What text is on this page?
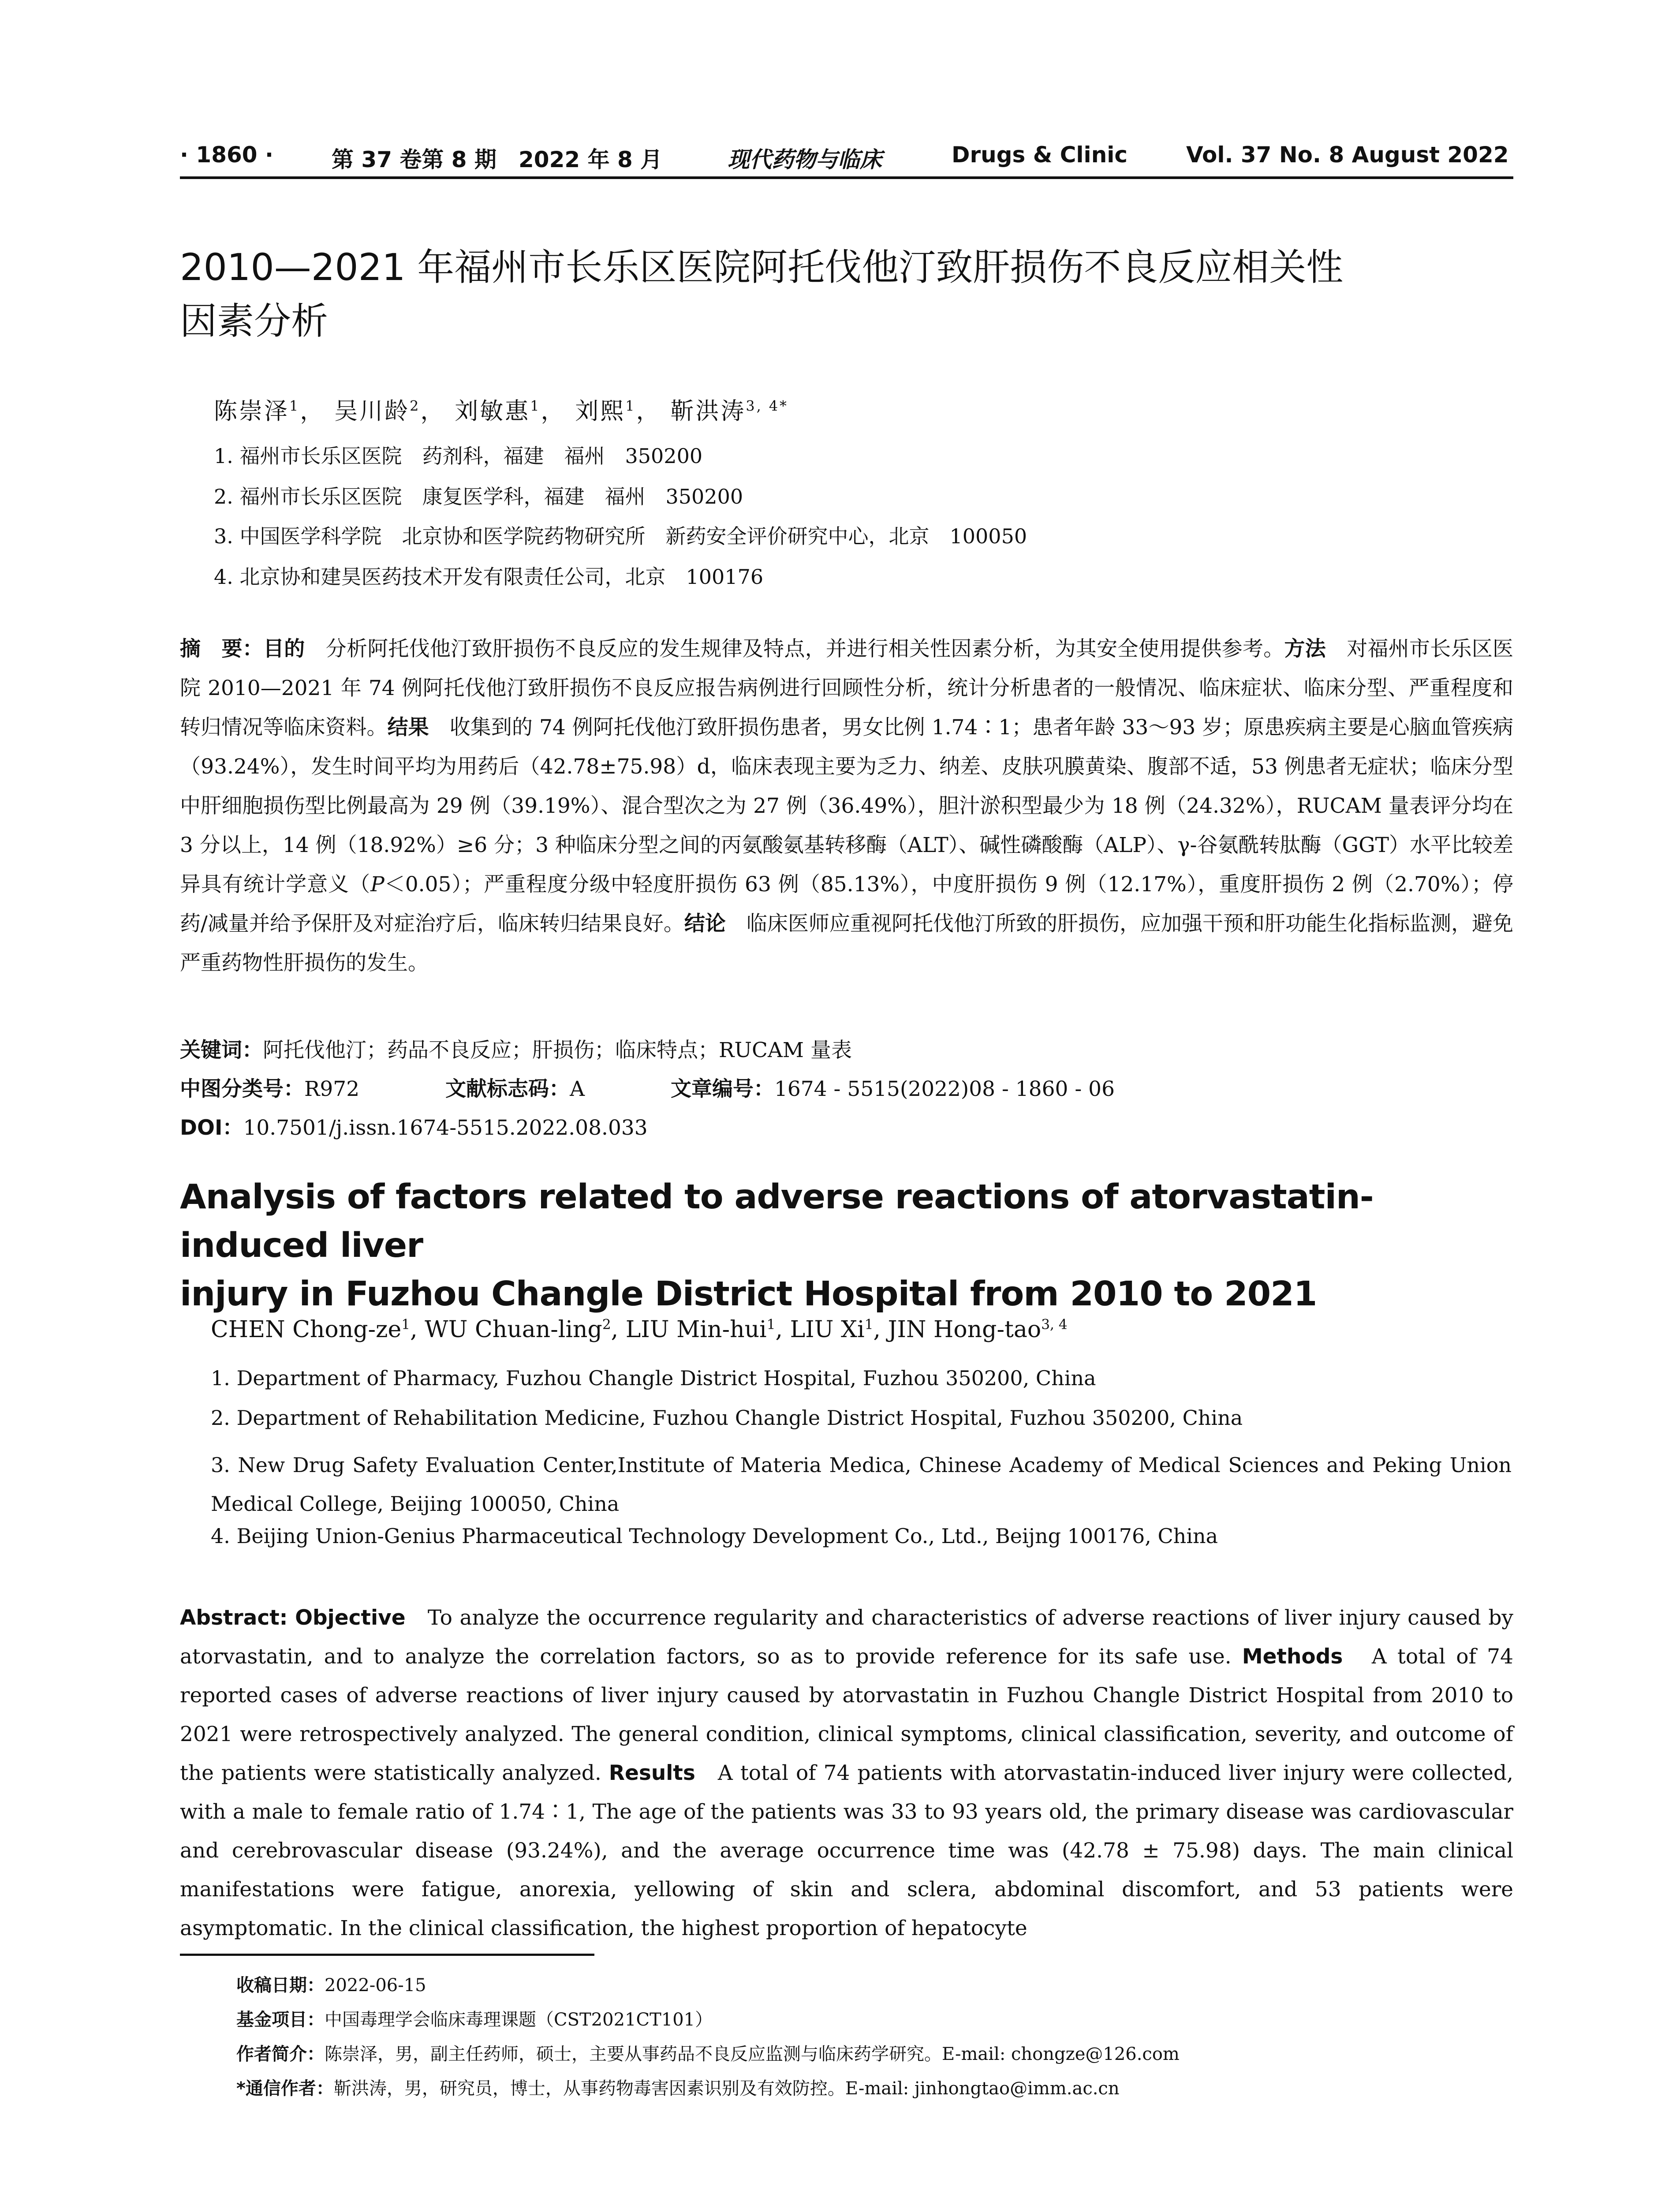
· 1860 ·	第 37 卷第 8 期　2022 年 8 月	现代药物与临床	Drugs & Clinic	Vol. 37 No. 8 August 2022
2010—2021 年福州市长乐区医院阿托伐他汀致肝损伤不良反应相关性
因素分析
陈崇泽$^1$， 吴川龄$^2$， 刘敏惠$^1$， 刘熙$^1$， 靳洪涛$^{3, 4*}$
1. 福州市长乐区医院　药剂科，福建　福州　350200
2. 福州市长乐区医院　康复医学科，福建　福州　350200
3. 中国医学科学院　北京协和医学院药物研究所　新药安全评价研究中心，北京　100050
4. 北京协和建昊医药技术开发有限责任公司，北京　100176
摘　要：目的　分析阿托伐他汀致肝损伤不良反应的发生规律及特点，并进行相关性因素分析，为其安全使用提供参考。方法　对福州市长乐区医院 2010—2021 年 74 例阿托伐他汀致肝损伤不良反应报告病例进行回顾性分析，统计分析患者的一般情况、临床症状、临床分型、严重程度和转归情况等临床资料。结果　收集到的 74 例阿托伐他汀致肝损伤患者，男女比例 1.74∶1；患者年龄 33～93 岁；原患疾病主要是心脑血管疾病（93.24%），发生时间平均为用药后（42.78±75.98）d，临床表现主要为乏力、纳差、皮肤巩膜黄染、腹部不适，53 例患者无症状；临床分型中肝细胞损伤型比例最高为 29 例（39.19%）、混合型次之为 27 例（36.49%），胆汁淤积型最少为 18 例（24.32%），RUCAM 量表评分均在 3 分以上，14 例（18.92%）≥6 分；3 种临床分型之间的丙氨酸氨基转移酶（ALT）、碱性磷酸酶（ALP）、γ-谷氨酰转肽酶（GGT）水平比较差异具有统计学意义（P＜0.05）；严重程度分级中轻度肝损伤 63 例（85.13%），中度肝损伤 9 例（12.17%），重度肝损伤 2 例（2.70%）；停药/减量并给予保肝及对症治疗后，临床转归结果良好。结论　临床医师应重视阿托伐他汀所致的肝损伤，应加强干预和肝功能生化指标监测，避免严重药物性肝损伤的发生。
关键词：阿托伐他汀；药品不良反应；肝损伤；临床特点；RUCAM 量表
中图分类号：R972	文献标志码：A	文章编号：1674 - 5515(2022)08 - 1860 - 06
DOI：10.7501/j.issn.1674-5515.2022.08.033
Analysis of factors related to adverse reactions of atorvastatin-induced liver
injury in Fuzhou Changle District Hospital from 2010 to 2021
CHEN Chong-$ze^1$, WU Chuan-ling$^2$, LIU Min-hui$^1$, LIU Xi$^1$, JIN Hong-tao$^{3, 4}$
1. Department of Pharmacy, Fuzhou Changle District Hospital, Fuzhou 350200, China
2. Department of Rehabilitation Medicine, Fuzhou Changle District Hospital, Fuzhou 350200, China
3. New Drug Safety Evaluation Center,Institute of Materia Medica, Chinese Academy of Medical Sciences and Peking Union Medical College, Beijing 100050, China
4. Beijing Union-Genius Pharmaceutical Technology Development Co., Ltd., Beijng 100176, China
Abstract: Objective　To analyze the occurrence regularity and characteristics of adverse reactions of liver injury caused by atorvastatin, and to analyze the correlation factors, so as to provide reference for its safe use. Methods　A total of 74 reported cases of adverse reactions of liver injury caused by atorvastatin in Fuzhou Changle District Hospital from 2010 to 2021 were retrospectively analyzed. The general condition, clinical symptoms, clinical classification, severity, and outcome of the patients were statistically analyzed. Results　A total of 74 patients with atorvastatin-induced liver injury were collected, with a male to female ratio of 1.74∶1, The age of the patients was 33 to 93 years old, the primary disease was cardiovascular and cerebrovascular disease (93.24%), and the average occurrence time was (42.78 ± 75.98) days. The main clinical manifestations were fatigue, anorexia, yellowing of skin and sclera, abdominal discomfort, and 53 patients were asymptomatic. In the clinical classification, the highest proportion of hepatocyte
收稿日期：2022-06-15
基金项目：中国毒理学会临床毒理课题（CST2021CT101）
作者简介：陈崇泽，男，副主任药师，硕士，主要从事药品不良反应监测与临床药学研究。E-mail: chongze@126.com
*通信作者：靳洪涛，男，研究员，博士，从事药物毒害因素识别及有效防控。E-mail: jinhongtao@imm.ac.cn
